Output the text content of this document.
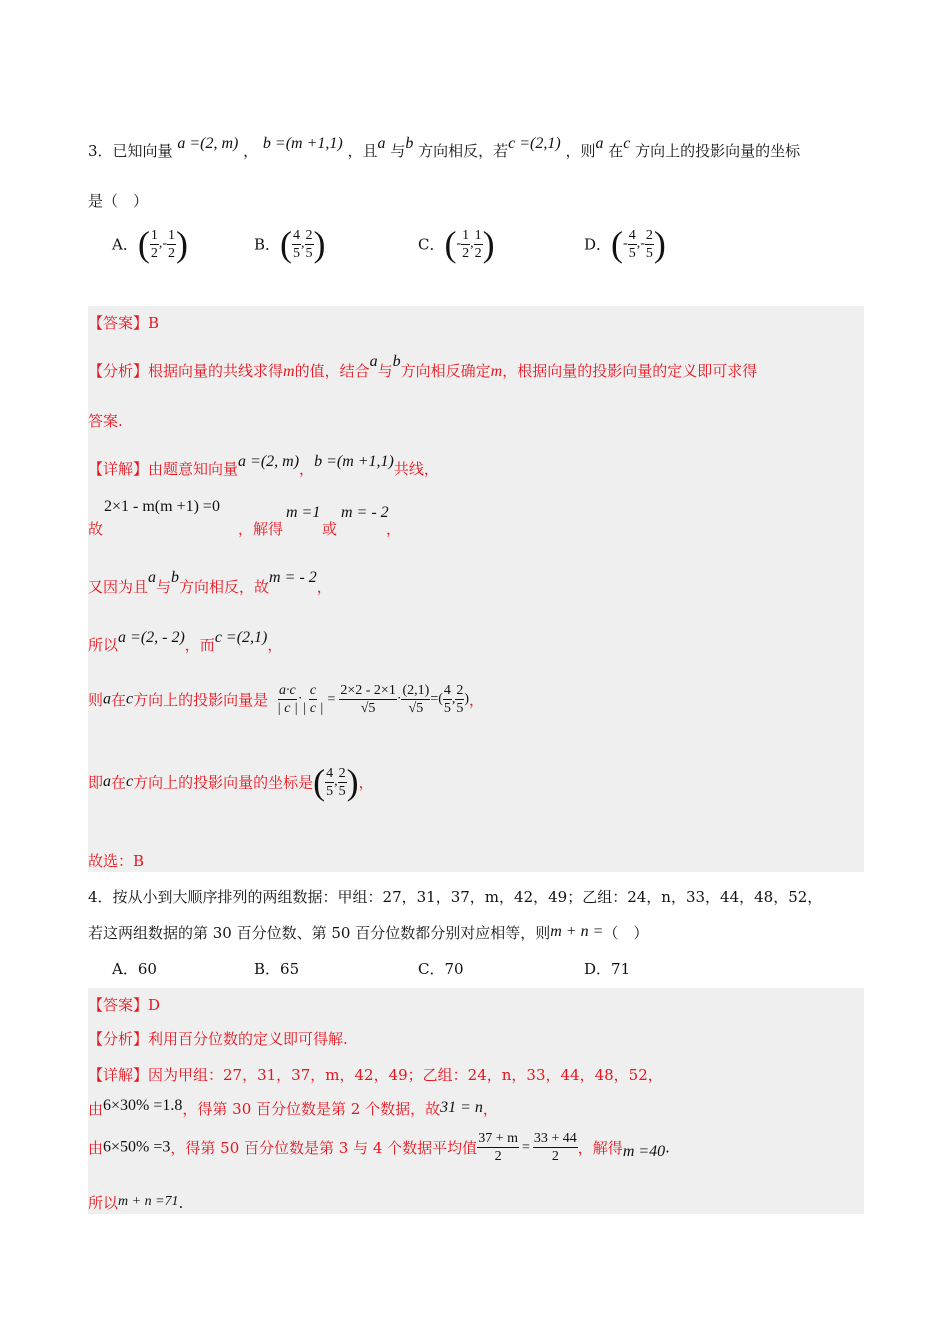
3．已知向量 a =(2, m) ， b =(m +1,1) ，且a 与b 方向相反，若c =(2,1) ，则a 在c 方向上的投影向量的坐标
是（　）
A．( $\frac{1}{2}$ ,- $\frac{1}{2}$ )	B．( $\frac{4}{5}$ , $\frac{2}{5}$ )	C．(- $\frac{1}{2}$ , $\frac{1}{2}$ )	D．(- $\frac{4}{5}$ ,- $\frac{2}{5}$ )
【答案】B
【分析】根据向量的共线求得m的值，结合a与b方向相反确定m，根据向量的投影向量的定义即可求得
答案.
【详解】由题意知向量a =(2, m)，b =(m +1,1)共线，
2×1 - m(m +1) =0
故	，解得
m =1
或
m = - 2
，
又因为且a与b方向相反，故m = - 2，
所以a =(2, - 2)，而c =(2,1)，
则a在c方向上的投影向量是 $\frac{a\cdot c}{| c |} \cdot \frac{c}{| c |} = \frac{2\times 2 - 2\times 1}{√5} \cdot \frac{(2,1)}{√5}$ =( $\frac{4}{5}$ , $\frac{2}{5}$ )，
即a在c方向上的投影向量的坐标是( $\frac{4}{5}$ , $\frac{2}{5}$ )，
故选：B
4．按从小到大顺序排列的两组数据：甲组：27，31，37，m，42，49；乙组：24，n，33，44，48，52，
若这两组数据的第 30 百分位数、第 50 百分位数都分别对应相等，则m + n =（　）
A．60	B．65	C．70	D．71
【答案】D
【分析】利用百分位数的定义即可得解.
【详解】因为甲组：27，31，37，m，42，49；乙组：24，n，33，44，48，52，
由6×30% =1.8，得第 30 百分位数是第 2 个数据，故31 = n，
由6×50% =3，得第 50 百分位数是第 3 与 4 个数据平均值 $\frac{37 + m}{2} = \frac{33 + 44}{2}$ ，解得m =40.
所以m + n =71.
